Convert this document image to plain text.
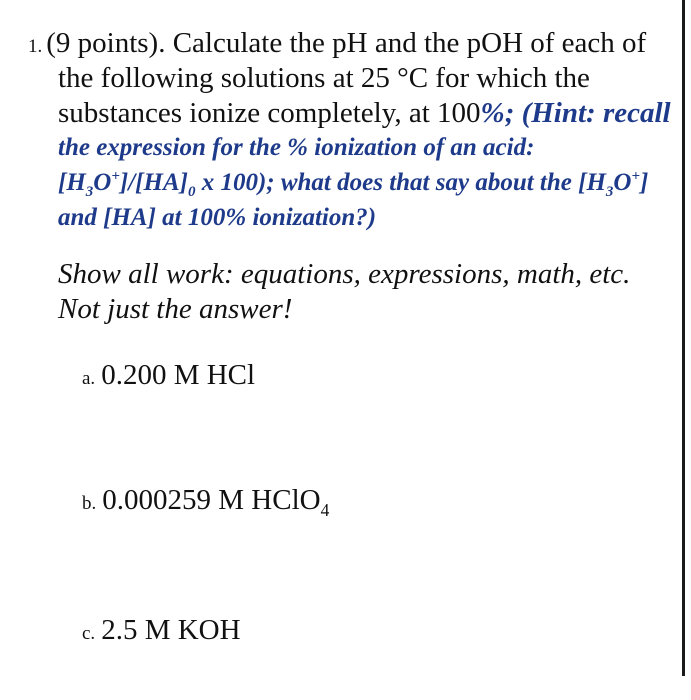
1. (9 points). Calculate the pH and the pOH of each of
the following solutions at 25 °C for which the
substances ionize completely, at 100%; (Hint: recall
the expression for the % ionization of an acid:
$[H_3O^+]/[HA]_0$ x 100); what does that say about the $[H_3O^+]$
and [HA] at 100% ionization?)
Show all work: equations, expressions, math, etc.
Not just the answer!
a. 0.200 M HCl
b. 0.000259 M HClO$_4$
c. 2.5 M KOH
